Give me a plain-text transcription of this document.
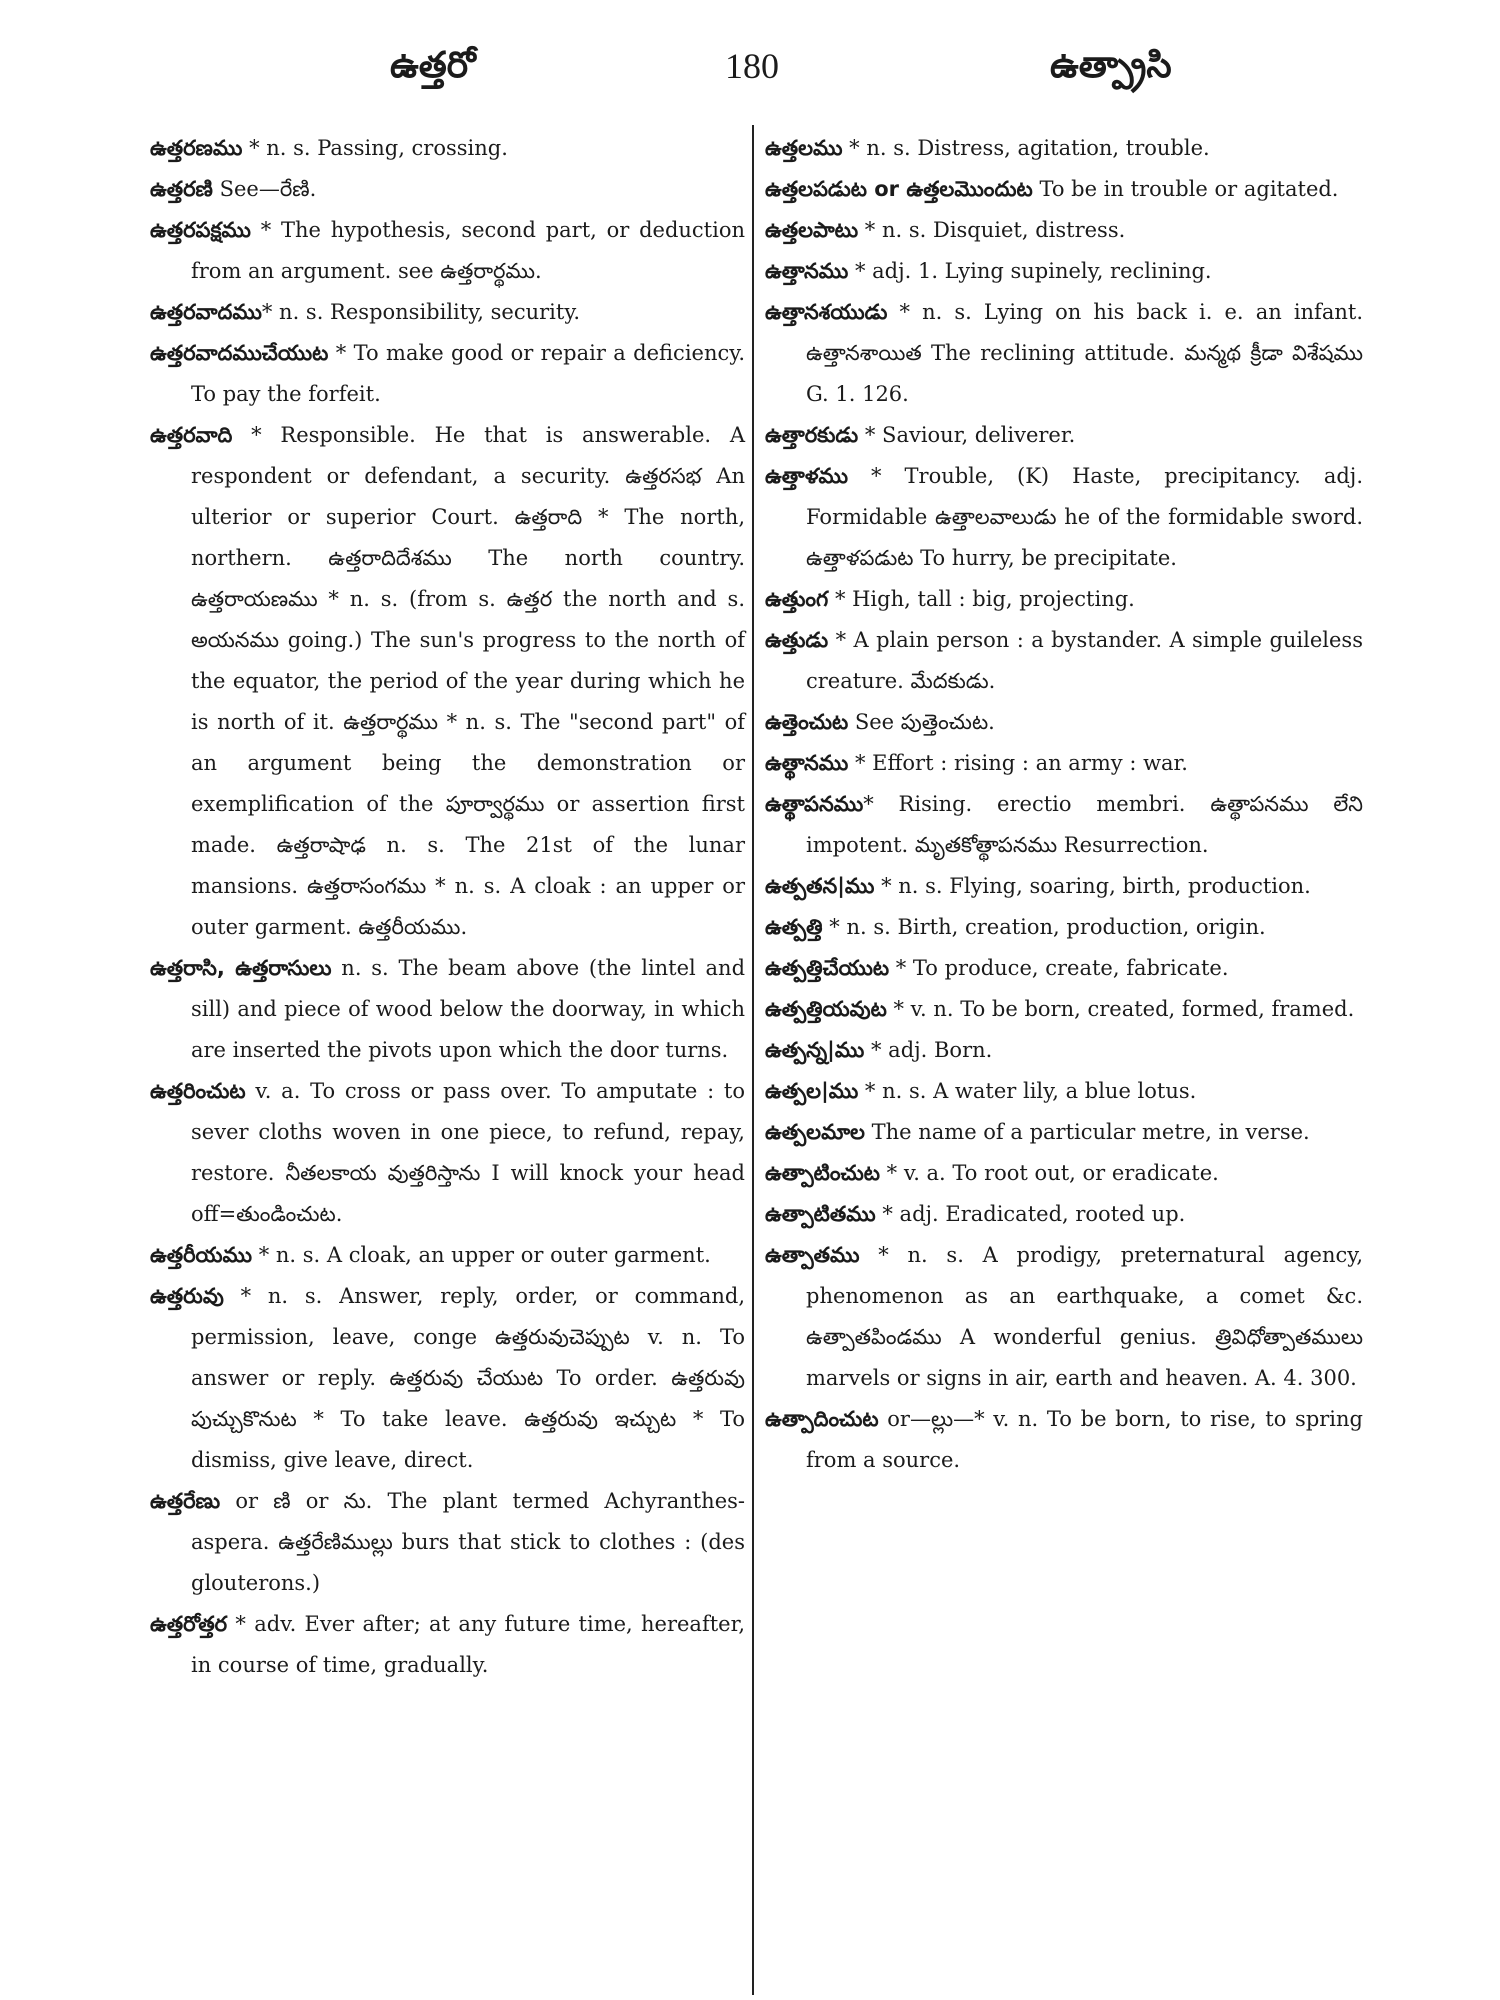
ఉత్తరో	180	ఉత్ప్రాసి
ఉత్తరణము * n. s. Passing, crossing.
ఉత్తరణి See—రేణి.
ఉత్తరపక్షము * The hypothesis, second part, or deduction from an argument. see ఉత్తరార్థము.
ఉత్తరవాదము* n. s. Responsibility, security.
ఉత్తరవాదముచేయుట * To make good or repair a deficiency. To pay the forfeit.
ఉత్తరవాది * Responsible. He that is answerable. A respondent or defendant, a security. ఉత్తరసభ An ulterior or superior Court. ఉత్తరాది * The north, northern. ఉత్తరాదిదేశము The north country. ఉత్తరాయణము * n. s. (from s. ఉత్తర the north and s. అయనము going.) The sun's progress to the north of the equator, the period of the year during which he is north of it. ఉత్తరార్థము * n. s. The "second part" of an argument being the demonstration or exemplification of the పూర్వార్థము or assertion first made. ఉత్తరాషాఢ n. s. The 21st of the lunar mansions. ఉత్తరాసంగము * n. s. A cloak : an upper or outer garment. ఉత్తరీయము.
ఉత్తరాసి, ఉత్తరాసులు n. s. The beam above (the lintel and sill) and piece of wood below the doorway, in which are inserted the pivots upon which the door turns.
ఉత్తరించుట v. a. To cross or pass over. To amputate : to sever cloths woven in one piece, to refund, repay, restore. నీతలకాయ వుత్తరిస్తాను I will knock your head off=తుండించుట.
ఉత్తరీయము * n. s. A cloak, an upper or outer garment.
ఉత్తరువు * n. s. Answer, reply, order, or command, permission, leave, conge ఉత్తరువుచెప్పుట v. n. To answer or reply. ఉత్తరువు చేయుట To order. ఉత్తరువు పుచ్చుకొనుట * To take leave. ఉత్తరువు ఇచ్చుట * To dismiss, give leave, direct.
ఉత్తరేణు or ణి or ను. The plant termed Achyranthes-aspera. ఉత్తరేణిముల్లు burs that stick to clothes : (des glouterons.)
ఉత్తరోత్తర * adv. Ever after; at any future time, hereafter, in course of time, gradually.
ఉత్తలము * n. s. Distress, agitation, trouble.
ఉత్తలపడుట or ఉత్తలమొందుట To be in trouble or agitated.
ఉత్తలపాటు * n. s. Disquiet, distress.
ఉత్తానము * adj. 1. Lying supinely, reclining.
ఉత్తానశయుడు * n. s. Lying on his back i. e. an infant. ఉత్తానశాయిత The reclining attitude. మన్మథ క్రీడా విశేషము G. 1. 126.
ఉత్తారకుడు * Saviour, deliverer.
ఉత్తాళము * Trouble, (K) Haste, precipitancy. adj. Formidable ఉత్తాలవాలుడు he of the formidable sword. ఉత్తాళపడుట To hurry, be precipitate.
ఉత్తుంగ * High, tall : big, projecting.
ఉత్తుడు * A plain person : a bystander. A simple guileless creature. మేదకుడు.
ఉత్తెంచుట See పుత్తెంచుట.
ఉత్థానము * Effort : rising : an army : war.
ఉత్థాపనము* Rising. erectio membri. ఉత్థాపనము లేని impotent. మృతకోత్థాపనము Resurrection.
ఉత్పతన|ము * n. s. Flying, soaring, birth, production.
ఉత్పత్తి * n. s. Birth, creation, production, origin.
ఉత్పత్తిచేయుట * To produce, create, fabricate.
ఉత్పత్తియవుట * v. n. To be born, created, formed, framed.
ఉత్పన్న|ము * adj. Born.
ఉత్పల|ము * n. s. A water lily, a blue lotus.
ఉత్పలమాల The name of a particular metre, in verse.
ఉత్పాటించుట * v. a. To root out, or eradicate.
ఉత్పాటితము * adj. Eradicated, rooted up.
ఉత్పాతము * n. s. A prodigy, preternatural agency, phenomenon as an earthquake, a comet &c. ఉత్పాతపిండము A wonderful genius. త్రివిధోత్పాతములు marvels or signs in air, earth and heaven. A. 4. 300.
ఉత్పాదించుట or—ల్లు—* v. n. To be born, to rise, to spring from a source.
